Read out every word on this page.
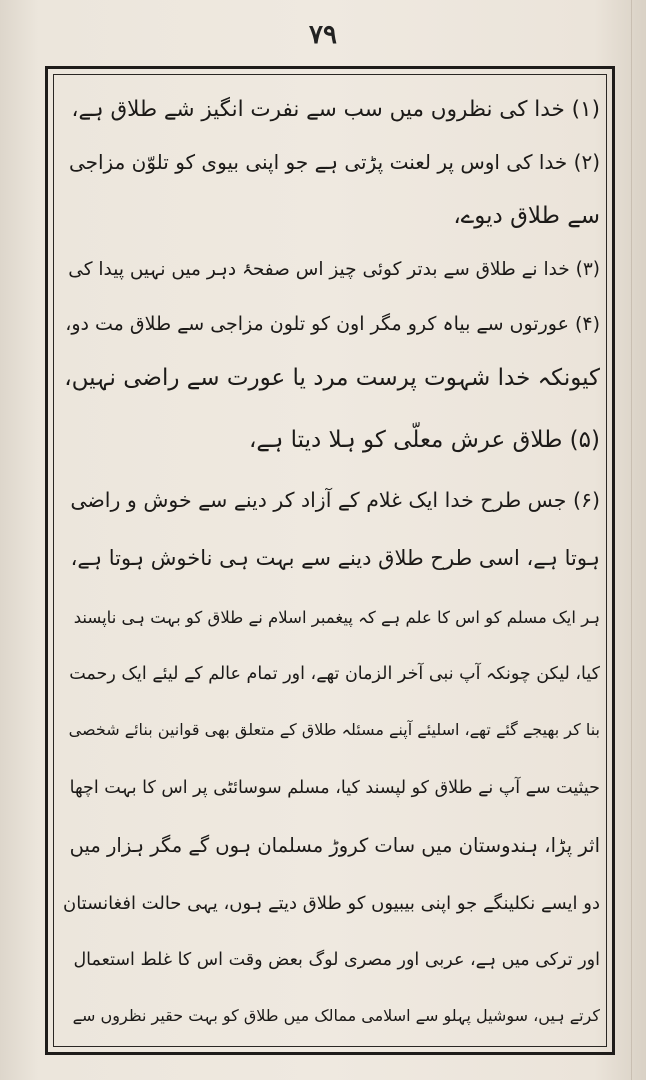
۷۹
(۱) خدا کی نظروں میں سب سے نفرت انگیز شے طلاق ہے،
(۲) خدا کی اوس پر لعنت پڑتی ہے جو اپنی بیوی کو تلوّن مزاجی
سے طلاق دیوے،
(۳) خدا نے طلاق سے بدتر کوئی چیز اس صفحۂ دہر میں نہیں پیدا کی
(۴) عورتوں سے بیاہ کرو مگر اون کو تلون مزاجی سے طلاق مت دو،
کیونکہ خدا شہوت پرست مرد یا عورت سے راضی نہیں،
(۵) طلاق عرش معلّی کو ہلا دیتا ہے،
(۶) جس طرح خدا ایک غلام کے آزاد کر دینے سے خوش و راضی
ہوتا ہے، اسی طرح طلاق دینے سے بہت ہی ناخوش ہوتا ہے،
ہر ایک مسلم کو اس کا علم ہے کہ پیغمبر اسلام نے طلاق کو بہت ہی ناپسند
کیا، لیکن چونکہ آپ نبی آخر الزمان تھے، اور تمام عالم کے لیئے ایک رحمت
بنا کر بھیجے گئے تھے، اسلیئے آپنے مسئلہ طلاق کے متعلق بھی قوانین بنائے شخصی
حیثیت سے آپ نے طلاق کو لپسند کیا، مسلم سوسائٹی پر اس کا بہت اچھا
اثر پڑا، ہندوستان میں سات کروڑ مسلمان ہوں گے مگر ہزار میں
دو ایسے نکلینگے جو اپنی بیبیوں کو طلاق دیتے ہوں، یہی حالت افغانستان
اور ترکی میں ہے، عربی اور مصری لوگ بعض وقت اس کا غلط استعمال
کرتے ہیں، سوشیل پہلو سے اسلامی ممالک میں طلاق کو بہت حقیر نظروں سے
